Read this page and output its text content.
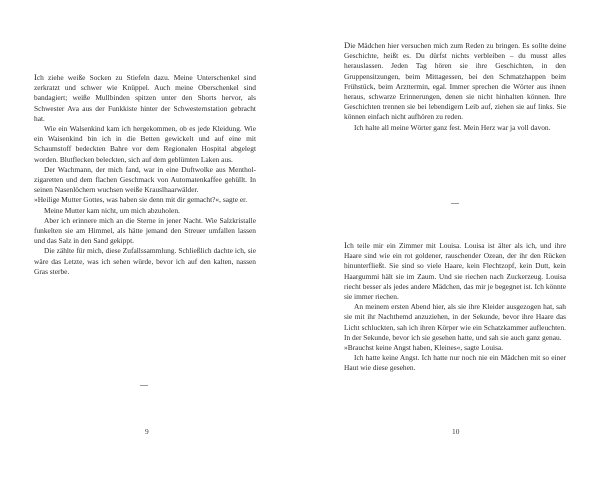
Ich ziehe weiße Socken zu Stiefeln dazu. Meine Unterschenkel sind zerkratzt und schwer wie Knüppel. Auch meine Oberschenkel sind bandagiert; weiße Mullbinden spitzen unter den Shorts hervor, als Schwester Ava aus der Funkkiste hinter der Schwesternstation gebracht hat.

Wie ein Walsenkind kam ich hergekommen, ob es jede Kleidung. Wie ein Waisenkind bin ich in die Betten gewickelt und auf eine mit Schaumstoff bedeckten Bahre vor dem Regionalen Hospital abgelegt worden. Blutflecken beleckten, sich auf dem geblümten Laken aus.

Der Wachmann, der mich fand, war in eine Duftwolke aus Menthol-zigaretten und dem flachen Geschmack von Automatenkaffee gehüllt. In seinen Nasenlöchern wuchsen weiße Krauslhaarwälder.

»Heilige Mutter Gottes, was haben sie denn mit dir gemacht?«, sagte er.

Meine Mutter kam nicht, um mich abzuholen.

Aber ich erinnere mich an die Sterne in jener Nacht. Wie Salzkristalle funkelten sie am Himmel, als hätte jemand den Streuer umfallen lassen und das Salz in den Sand gekippt.

Die zählte für mich, diese Zufallssammlung. Schließlich dachte ich, sie wäre das Letzte, was ich sehen würde, bevor ich auf den kalten, nassen Gras sterbe.

9

Die Mädchen hier versuchen mich zum Reden zu bringen. Es sollte deine Geschichte, heißt es. Du dürfst nichts verbleiben – du musst alles herauslassen. Jeden Tag hören sie ihre Geschichten, in den Gruppensitzungen, beim Mittagessen, bei den Schmatzhappen beim Frühstück, beim Arzttermin, egal. Immer sprechen die Wörter aus ihnen heraus, schwarze Erinnerungen, denen sie nicht hinhalten können. Ihre Geschichten trennen sie bei lebendigem Leib auf, ziehen sie auf links. Sie können einfach nicht aufhören zu reden.

Ich halte all meine Wörter ganz fest. Mein Herz war ja voll davon.

Ich teile mir ein Zimmer mit Louisa. Louisa ist älter als ich, und ihre Haare sind wie ein rot goldener, rauschender Ozean, der ihr den Rücken hinunterfließt. Sie sind so viele Haare, kein Flechtzopf, kein Dutt, kein Haargummi hält sie im Zaum. Und sie riechen nach Zuckerzeug. Louisa riecht besser als jedes andere Mädchen, das mir je begegnet ist. Ich könnte sie immer riechen.

An meinem ersten Abend hier, als sie ihre Kleider ausgezogen hat, sah sie mit ihr Nachthemd anzuziehen, in der Sekunde, bevor ihre Haare das Licht schluckten, sah ich ihren Körper wie ein Schatzkammer aufleuchten. In der Sekunde, bevor ich sie gesehen hatte, und sah sie auch ganz genau.

»Brauchst keine Angst haben, Kleines«, sagte Louisa.

Ich hatte keine Angst. Ich hatte nur noch nie ein Mädchen mit so einer Haut wie diese gesehen.

10
